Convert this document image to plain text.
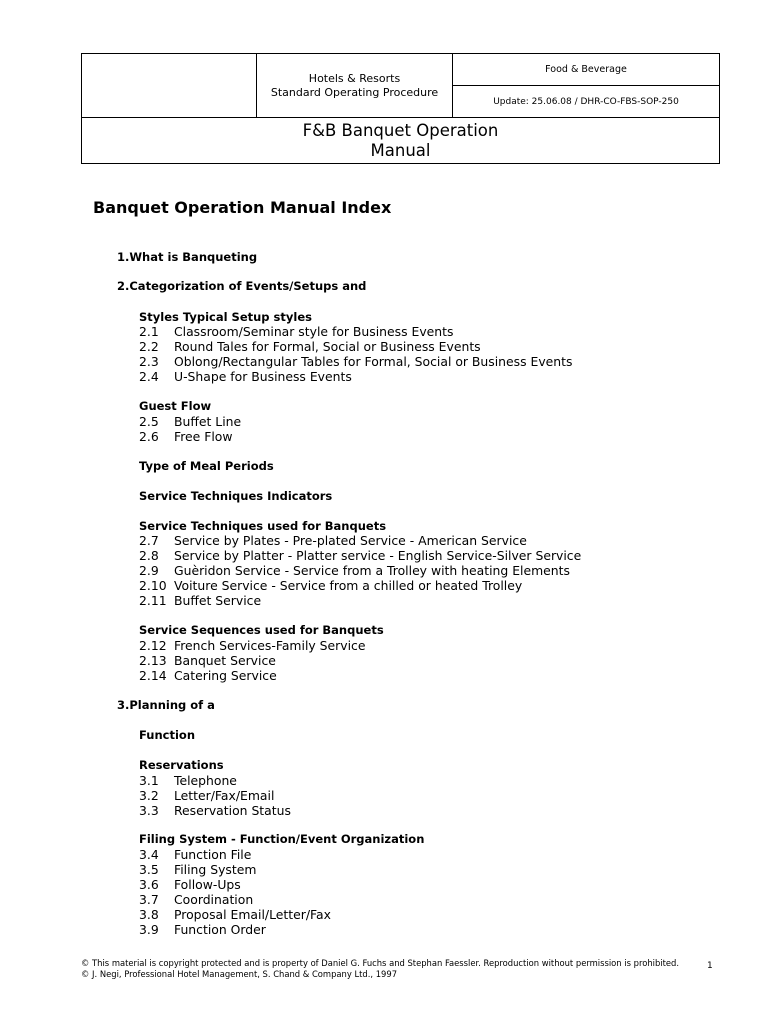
Hotels & Resorts
Standard Operating Procedure
Food & Beverage
Update: 25.06.08 / DHR-CO-FBS-SOP-250
F&B Banquet Operation
Manual
Banquet Operation Manual Index
1.What is Banqueting
2.Categorization of Events/Setups and
Styles Typical Setup styles
2.1 Classroom/Seminar style for Business Events
2.2 Round Tales for Formal, Social or Business Events
2.3 Oblong/Rectangular Tables for Formal, Social or Business Events
2.4 U-Shape for Business Events
Guest Flow
2.5 Buffet Line
2.6 Free Flow
Type of Meal Periods
Service Techniques Indicators
Service Techniques used for Banquets
2.7 Service by Plates - Pre-plated Service - American Service
2.8 Service by Platter - Platter service - English Service-Silver Service
2.9 Guèridon Service - Service from a Trolley with heating Elements
2.10 Voiture Service - Service from a chilled or heated Trolley
2.11 Buffet Service
Service Sequences used for Banquets
2.12 French Services-Family Service
2.13 Banquet Service
2.14 Catering Service
3.Planning of a
Function
Reservations
3.1 Telephone
3.2 Letter/Fax/Email
3.3 Reservation Status
Filing System - Function/Event Organization
3.4 Function File
3.5 Filing System
3.6 Follow-Ups
3.7 Coordination
3.8 Proposal Email/Letter/Fax
3.9 Function Order
© This material is copyright protected and is property of Daniel G. Fuchs and Stephan Faessler. Reproduction without permission is prohibited.
© J. Negi, Professional Hotel Management, S. Chand & Company Ltd., 1997
1
